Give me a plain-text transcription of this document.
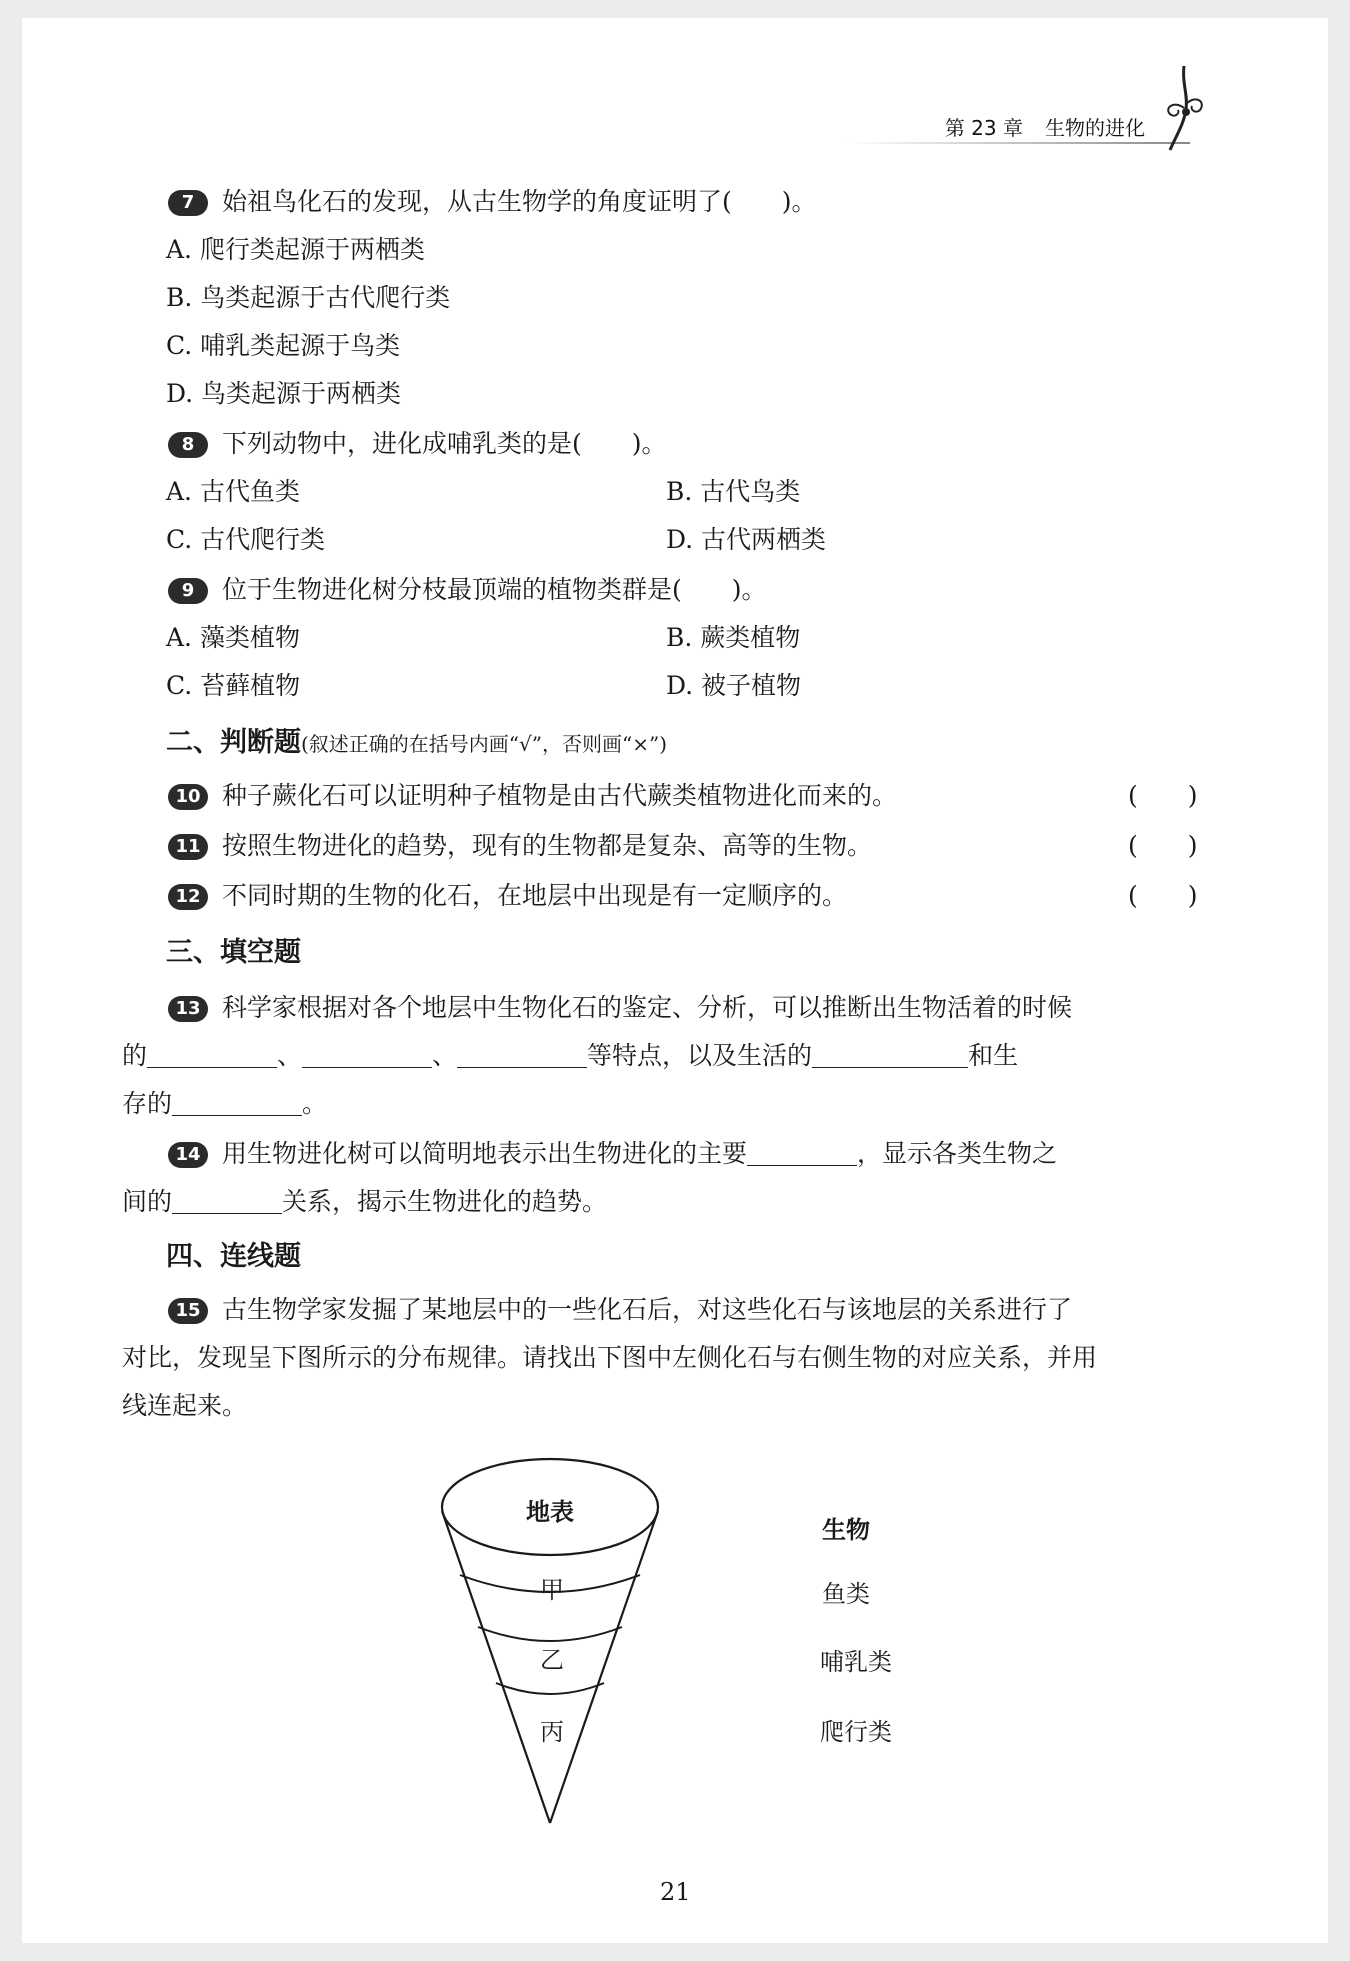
第 23 章 生物的进化
7 始祖鸟化石的发现，从古生物学的角度证明了(　　)。
A. 爬行类起源于两栖类
B. 鸟类起源于古代爬行类
C. 哺乳类起源于鸟类
D. 鸟类起源于两栖类
8 下列动物中，进化成哺乳类的是(　　)。
A. 古代鱼类	B. 古代鸟类
C. 古代爬行类	D. 古代两栖类
9 位于生物进化树分枝最顶端的植物类群是(　　)。
A. 藻类植物	B. 蕨类植物
C. 苔藓植物	D. 被子植物
二、判断题(叙述正确的在括号内画“√”，否则画“×”)
10 种子蕨化石可以证明种子植物是由古代蕨类植物进化而来的。	(　　)
11 按照生物进化的趋势，现有的生物都是复杂、高等的生物。	(　　)
12 不同时期的生物的化石，在地层中出现是有一定顺序的。	(　　)
三、填空题
13 科学家根据对各个地层中生物化石的鉴定、分析，可以推断出生物活着的时候
的	、	、	等特点，以及生活的	和生
存的	。
14 用生物进化树可以简明地表示出生物进化的主要	，显示各类生物之
间的	关系，揭示生物进化的趋势。
四、连线题
15 古生物学家发掘了某地层中的一些化石后，对这些化石与该地层的关系进行了
对比，发现呈下图所示的分布规律。请找出下图中左侧化石与右侧生物的对应关系，并用
线连起来。
地表
甲
乙
丙
生物
鱼类
哺乳类
爬行类
21
